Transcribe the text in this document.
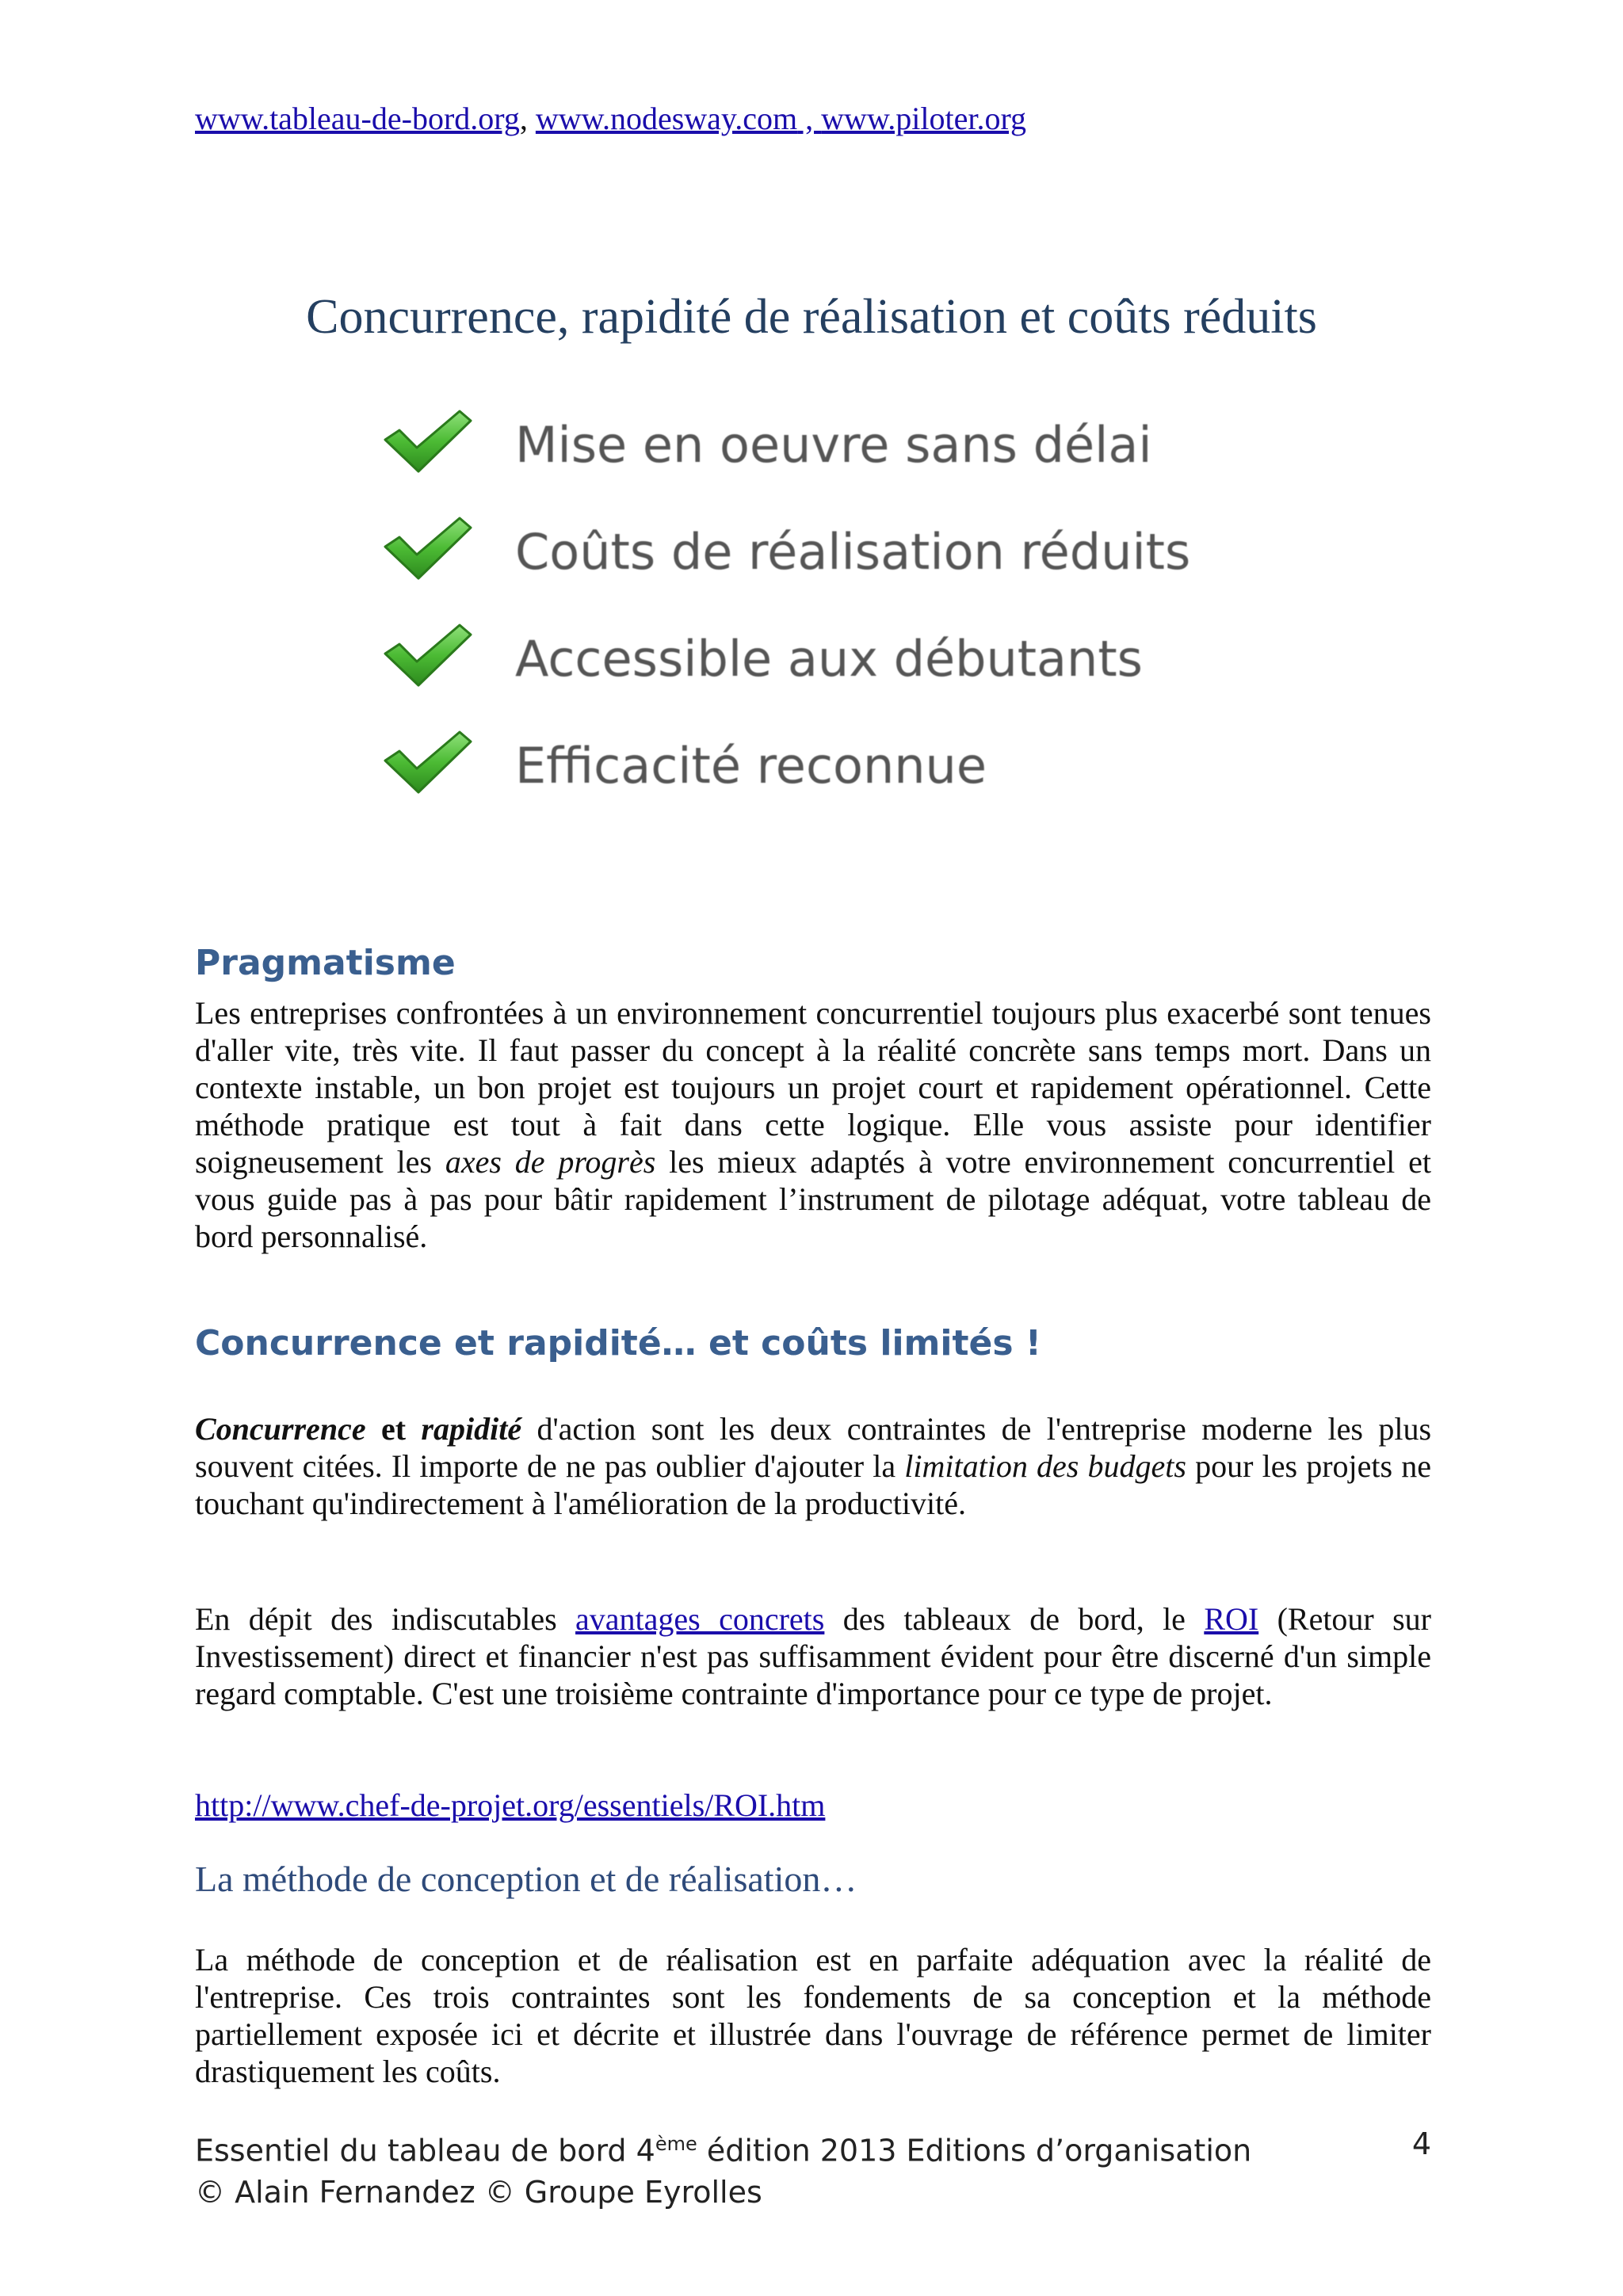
www.tableau-de-bord.org, www.nodesway.com , www.piloter.org
Concurrence, rapidité de réalisation et coûts réduits
Mise en oeuvre sans délai
Coûts de réalisation réduits
Accessible aux débutants
Efficacité reconnue
Pragmatisme
Les entreprises confrontées à un environnement concurrentiel toujours plus exacerbé sont tenues d'aller vite, très vite. Il faut passer du concept à la réalité concrète sans temps mort. Dans un contexte instable, un bon projet est toujours un projet court et rapidement opérationnel. Cette méthode pratique est tout à fait dans cette logique. Elle vous assiste pour identifier soigneusement les axes de progrès les mieux adaptés à votre environnement concurrentiel et vous guide pas à pas pour bâtir rapidement l’instrument de pilotage adéquat, votre tableau de bord personnalisé.
Concurrence et rapidité… et coûts limités !
Concurrence et rapidité d'action sont les deux contraintes de l'entreprise moderne les plus souvent citées. Il importe de ne pas oublier d'ajouter la limitation des budgets pour les projets ne touchant qu'indirectement à l'amélioration de la productivité.
En dépit des indiscutables avantages concrets des tableaux de bord, le ROI (Retour sur Investissement) direct et financier n'est pas suffisamment évident pour être discerné d'un simple regard comptable. C'est une troisième contrainte d'importance pour ce type de projet.
http://www.chef-de-projet.org/essentiels/ROI.htm
La méthode de conception et de réalisation…
La méthode de conception et de réalisation est en parfaite adéquation avec la réalité de l'entreprise. Ces trois contraintes sont les fondements de sa conception et la méthode partiellement exposée ici et décrite et illustrée dans l'ouvrage de référence permet de limiter drastiquement les coûts.
Essentiel du tableau de bord 4ème édition 2013 Editions d’organisation
© Alain Fernandez © Groupe Eyrolles
4
